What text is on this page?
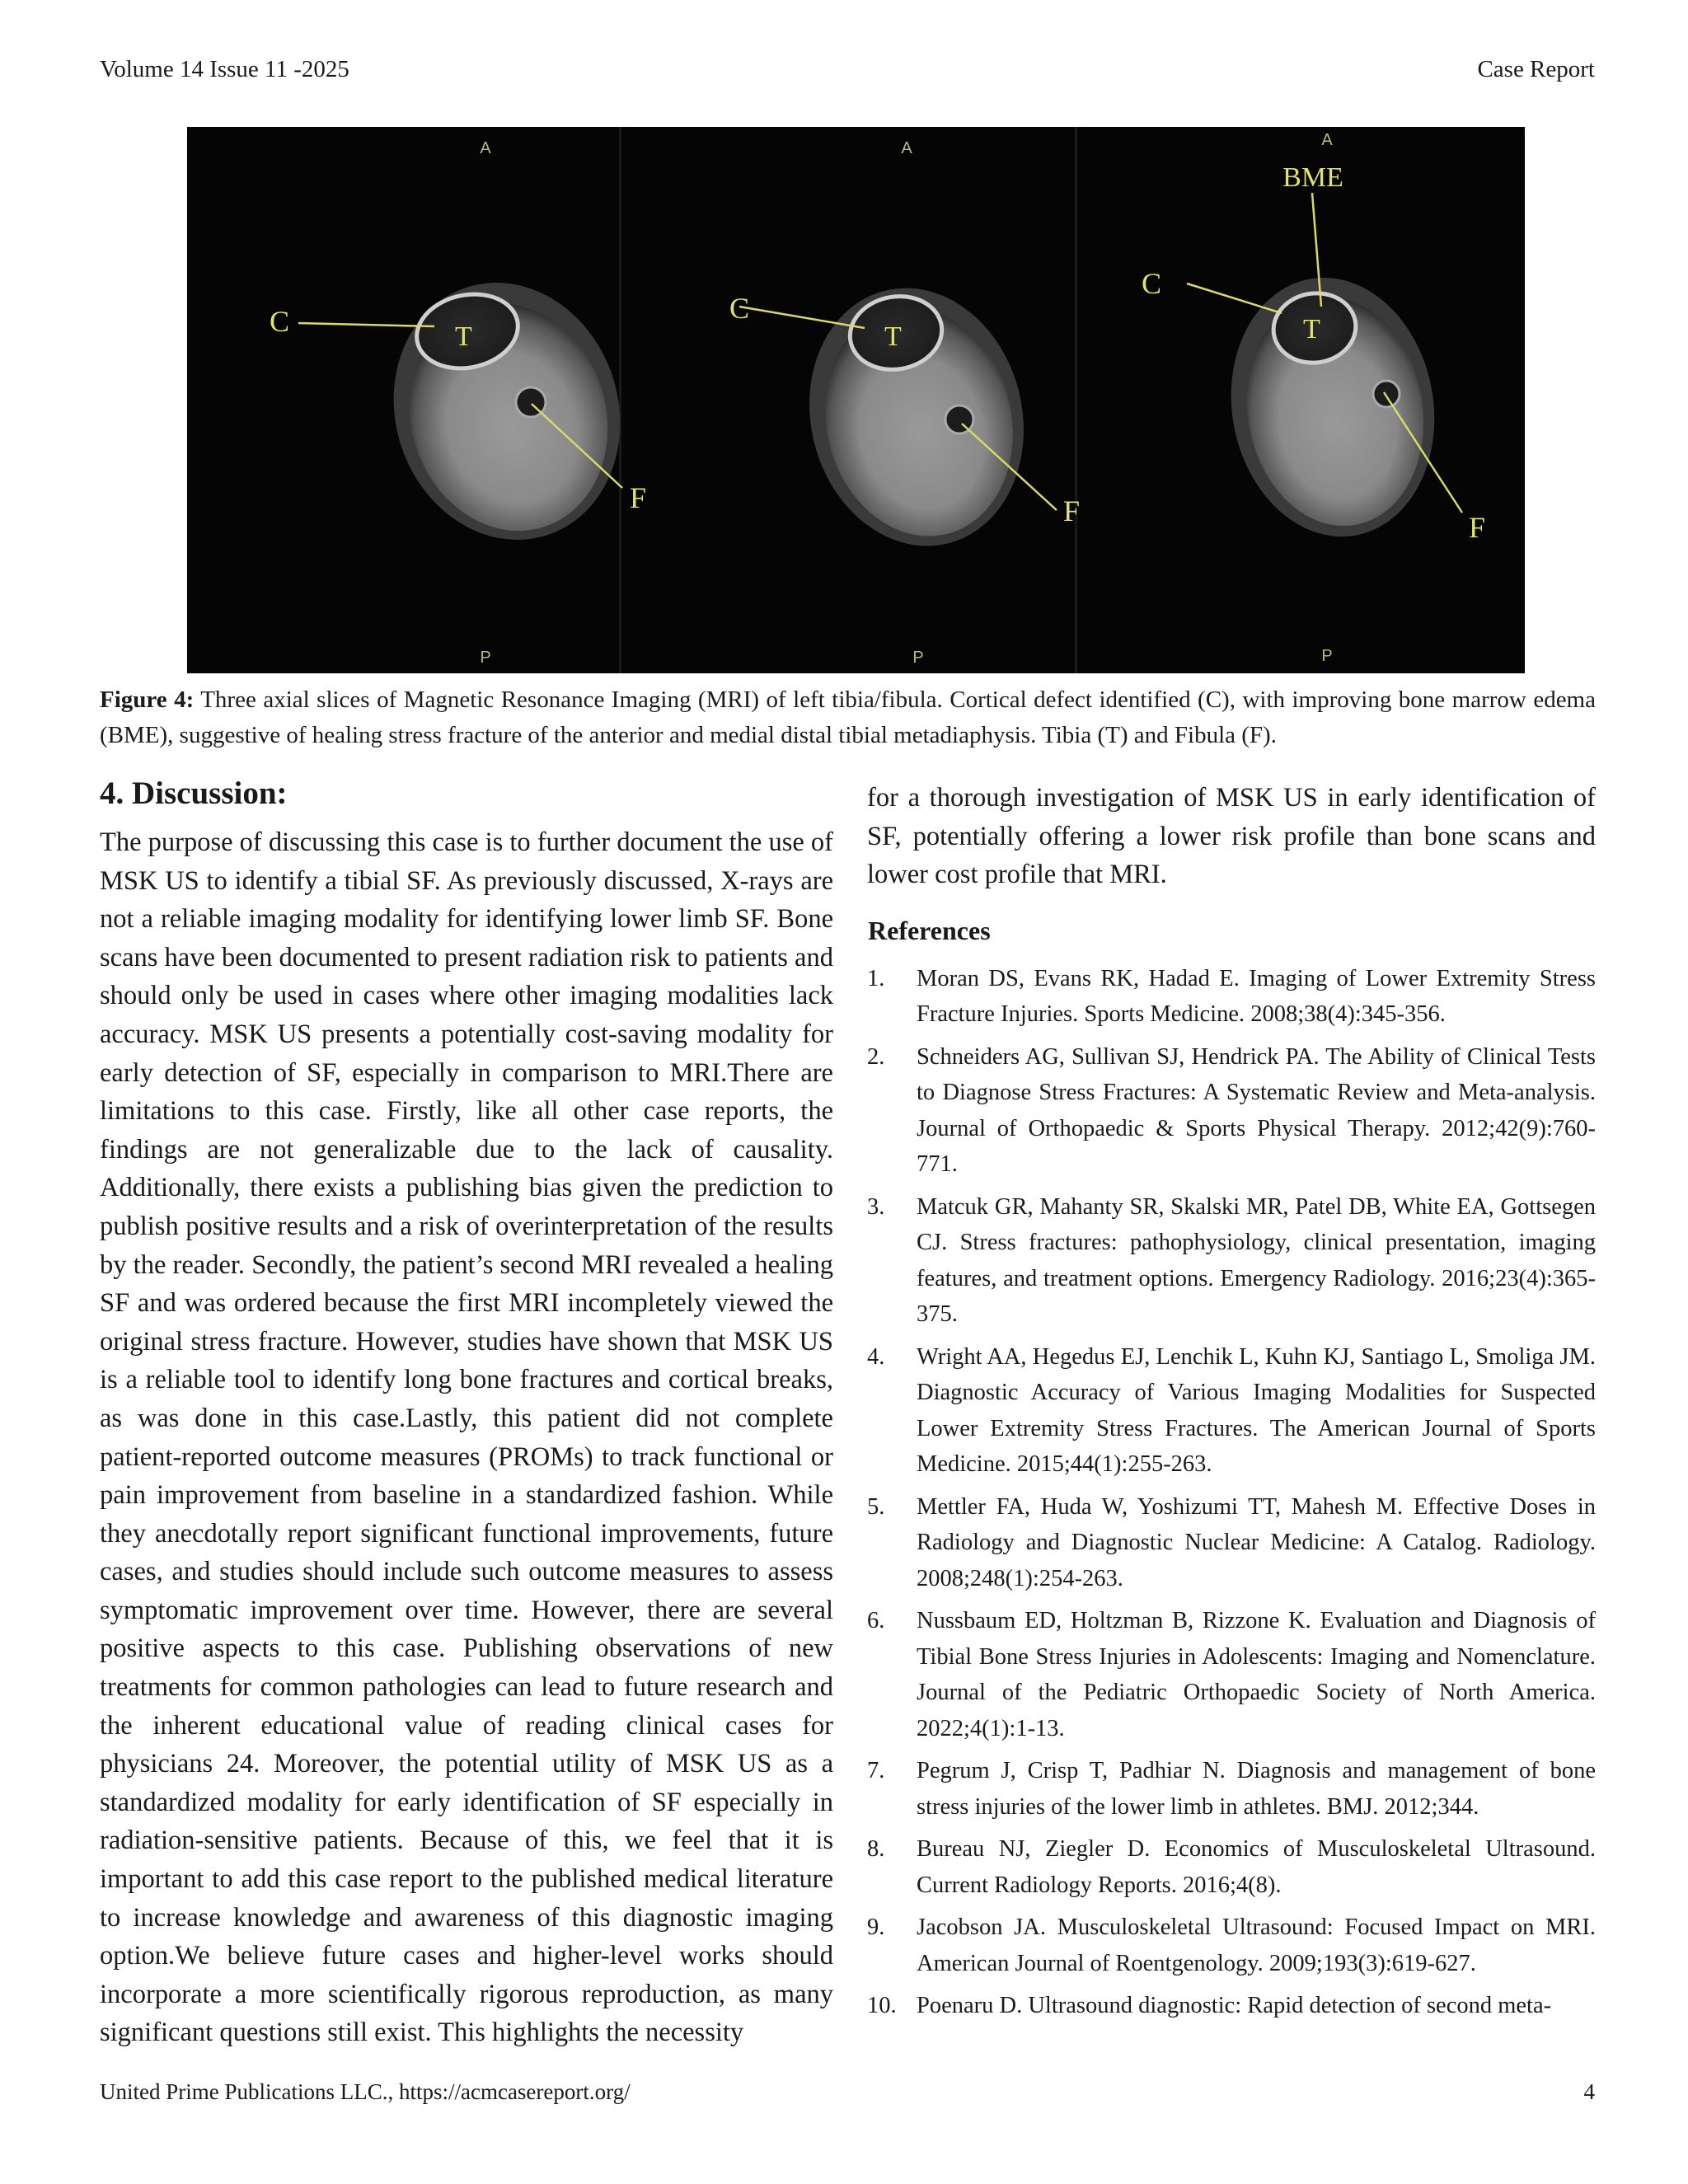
Volume 14 Issue 11 -2025	Case Report
A
P
C	T
F
A
P
C
T
F
A
P
BME
C
T
F
Figure 4: Three axial slices of Magnetic Resonance Imaging (MRI) of left tibia/fibula. Cortical defect identified (C), with improving bone marrow edema (BME), suggestive of healing stress fracture of the anterior and medial distal tibial metadiaphysis. Tibia (T) and Fibula (F).
4. Discussion:

The purpose of discussing this case is to further document the use of MSK US to identify a tibial SF. As previously discussed, X-rays are not a reliable imaging modality for identifying lower limb SF. Bone scans have been documented to present radiation risk to patients and should only be used in cases where other imaging modalities lack accuracy. MSK US presents a potentially cost-saving modality for early detection of SF, especially in comparison to MRI.There are limitations to this case. Firstly, like all other case reports, the findings are not generalizable due to the lack of causality. Additionally, there exists a publishing bias given the prediction to publish positive results and a risk of overinterpretation of the results by the reader. Secondly, the patient’s second MRI revealed a healing SF and was ordered because the first MRI incompletely viewed the original stress fracture. However, studies have shown that MSK US is a reliable tool to identify long bone fractures and cortical breaks, as was done in this case.Lastly, this patient did not complete patient-reported outcome measures (PROMs) to track functional or pain improvement from baseline in a standardized fashion. While they anecdotally report significant functional improvements, future cases, and studies should include such outcome measures to assess symptomatic improvement over time. However, there are several positive aspects to this case. Publishing observations of new treatments for common pathologies can lead to future research and the inherent educational value of reading clinical cases for physicians 24. Moreover, the potential utility of MSK US as a standardized modality for early identification of SF especially in radiation-sensitive patients. Because of this, we feel that it is important to add this case report to the published medical literature to increase knowledge and awareness of this diagnostic imaging option.We believe future cases and higher-level works should incorporate a more scientifically rigorous reproduction, as many significant questions still exist. This highlights the necessity

for a thorough investigation of MSK US in early identification of SF, potentially offering a lower risk profile than bone scans and lower cost profile that MRI.

References
1. Moran DS, Evans RK, Hadad E. Imaging of Lower Extremity Stress Fracture Injuries. Sports Medicine. 2008;38(4):345-356.
2. Schneiders AG, Sullivan SJ, Hendrick PA. The Ability of Clinical Tests to Diagnose Stress Fractures: A Systematic Review and Meta-analysis. Journal of Orthopaedic & Sports Physical Therapy. 2012;42(9):760-771.
3. Matcuk GR, Mahanty SR, Skalski MR, Patel DB, White EA, Gottsegen CJ. Stress fractures: pathophysiology, clinical presentation, imaging features, and treatment options. Emergency Radiology. 2016;23(4):365-375.
4. Wright AA, Hegedus EJ, Lenchik L, Kuhn KJ, Santiago L, Smoliga JM. Diagnostic Accuracy of Various Imaging Modalities for Suspected Lower Extremity Stress Fractures. The American Journal of Sports Medicine. 2015;44(1):255-263.
5. Mettler FA, Huda W, Yoshizumi TT, Mahesh M. Effective Doses in Radiology and Diagnostic Nuclear Medicine: A Catalog. Radiology. 2008;248(1):254-263.
6. Nussbaum ED, Holtzman B, Rizzone K. Evaluation and Diagnosis of Tibial Bone Stress Injuries in Adolescents: Imaging and Nomenclature. Journal of the Pediatric Orthopaedic Society of North America. 2022;4(1):1-13.
7. Pegrum J, Crisp T, Padhiar N. Diagnosis and management of bone stress injuries of the lower limb in athletes. BMJ. 2012;344.
8. Bureau NJ, Ziegler D. Economics of Musculoskeletal Ultrasound. Current Radiology Reports. 2016;4(8).
9. Jacobson JA. Musculoskeletal Ultrasound: Focused Impact on MRI. American Journal of Roentgenology. 2009;193(3):619-627.
10. Poenaru D. Ultrasound diagnostic: Rapid detection of second meta-
United Prime Publications LLC., https://acmcasereport.org/	4
